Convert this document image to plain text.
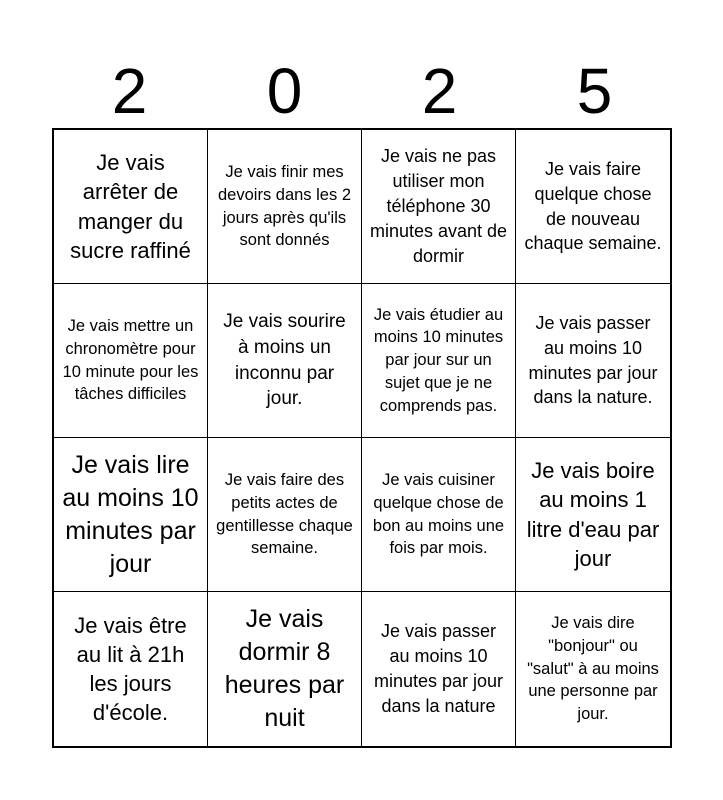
2	0	2	5
Je vais arrêter de manger du sucre raffiné
Je vais finir mes devoirs dans les 2 jours après qu'ils sont donnés
Je vais ne pas utiliser mon téléphone 30 minutes avant de dormir
Je vais faire quelque chose de nouveau chaque semaine.
Je vais mettre un chronomètre pour 10 minute pour les tâches difficiles
Je vais sourire à moins un inconnu par jour.
Je vais étudier au moins 10 minutes par jour sur un sujet que je ne comprends pas.
Je vais passer au moins 10 minutes par jour dans la nature.
Je vais lire au moins 10 minutes par jour
Je vais faire des petits actes de gentillesse chaque semaine.
Je vais cuisiner quelque chose de bon au moins une fois par mois.
Je vais boire au moins 1 litre d'eau par jour
Je vais être au lit à 21h les jours d'école.
Je vais dormir 8 heures par nuit
Je vais passer au moins 10 minutes par jour dans la nature
Je vais dire "bonjour" ou "salut" à au moins une personne par jour.
